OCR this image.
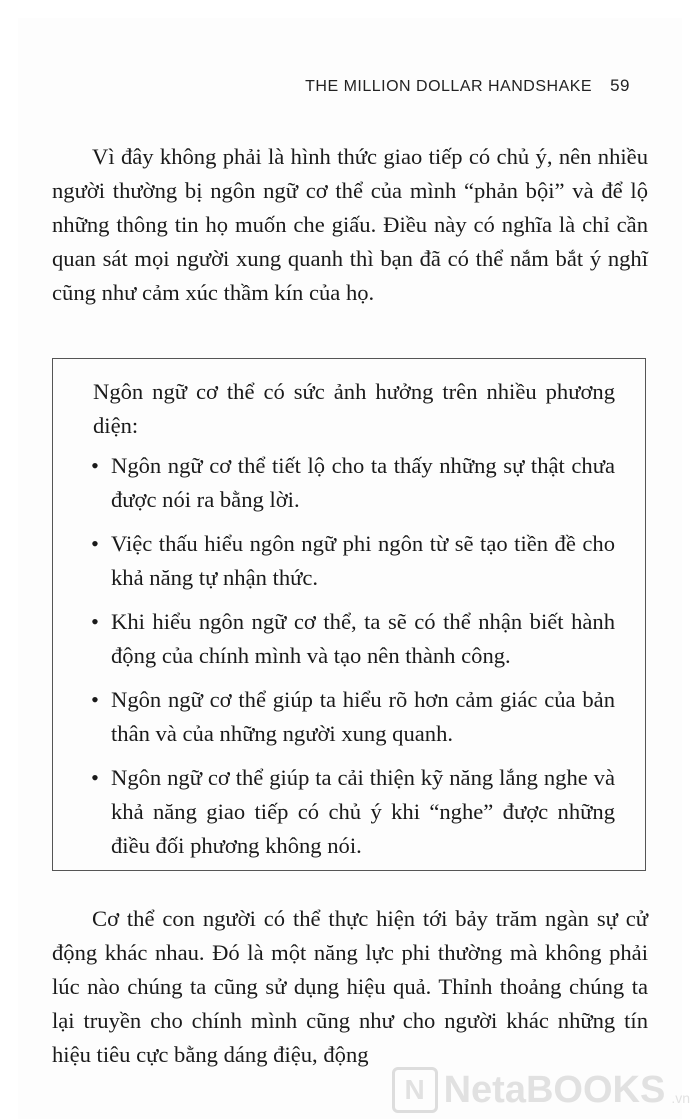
THE MILLION DOLLAR HANDSHAKE 59

Vì đây không phải là hình thức giao tiếp có chủ ý, nên nhiều người thường bị ngôn ngữ cơ thể của mình “phản bội” và để lộ những thông tin họ muốn che giấu. Điều này có nghĩa là chỉ cần quan sát mọi người xung quanh thì bạn đã có thể nắm bắt ý nghĩ cũng như cảm xúc thầm kín của họ.

Ngôn ngữ cơ thể có sức ảnh hưởng trên nhiều phương diện:

• Ngôn ngữ cơ thể tiết lộ cho ta thấy những sự thật chưa được nói ra bằng lời.
• Việc thấu hiểu ngôn ngữ phi ngôn từ sẽ tạo tiền đề cho khả năng tự nhận thức.
• Khi hiểu ngôn ngữ cơ thể, ta sẽ có thể nhận biết hành động của chính mình và tạo nên thành công.
• Ngôn ngữ cơ thể giúp ta hiểu rõ hơn cảm giác của bản thân và của những người xung quanh.
• Ngôn ngữ cơ thể giúp ta cải thiện kỹ năng lắng nghe và khả năng giao tiếp có chủ ý khi “nghe” được những điều đối phương không nói.

Cơ thể con người có thể thực hiện tới bảy trăm ngàn sự cử động khác nhau. Đó là một năng lực phi thường mà không phải lúc nào chúng ta cũng sử dụng hiệu quả. Thỉnh thoảng chúng ta lại truyền cho chính mình cũng như cho người khác những tín hiệu tiêu cực bằng dáng điệu, động

N NetaBOOKS .vn
